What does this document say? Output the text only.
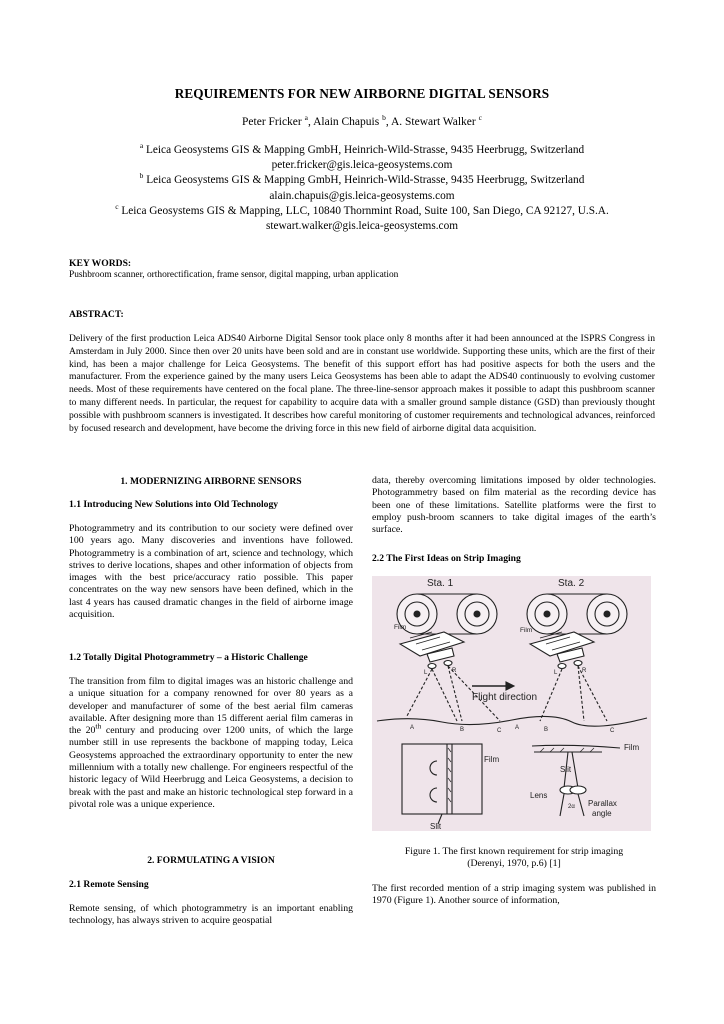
REQUIREMENTS FOR NEW AIRBORNE DIGITAL SENSORS
Peter Fricker $^a$, Alain Chapuis $^b$, A. Stewart Walker $^c$
$^a$ Leica Geosystems GIS & Mapping GmbH, Heinrich-Wild-Strasse, 9435 Heerbrugg, Switzerland
peter.fricker@gis.leica-geosystems.com
$^b$ Leica Geosystems GIS & Mapping GmbH, Heinrich-Wild-Strasse, 9435 Heerbrugg, Switzerland
alain.chapuis@gis.leica-geosystems.com
$^c$ Leica Geosystems GIS & Mapping, LLC, 10840 Thornmint Road, Suite 100, San Diego, CA 92127, U.S.A.
stewart.walker@gis.leica-geosystems.com
KEY WORDS:
Pushbroom scanner, orthorectification, frame sensor, digital mapping, urban application
ABSTRACT:
Delivery of the first production Leica ADS40 Airborne Digital Sensor took place only 8 months after it had been announced at the ISPRS Congress in Amsterdam in July 2000. Since then over 20 units have been sold and are in constant use worldwide. Supporting these units, which are the first of their kind, has been a major challenge for Leica Geosystems. The benefit of this support effort has had positive aspects for both the users and the manufacturer. From the experience gained by the many users Leica Geosystems has been able to adapt the ADS40 continuously to evolving customer needs. Most of these requirements have centered on the focal plane. The three-line-sensor approach makes it possible to adapt this pushbroom scanner to many different needs. In particular, the request for capability to acquire data with a smaller ground sample distance (GSD) than previously thought possible with pushbroom scanners is investigated. It describes how careful monitoring of customer requirements and technological advances, reinforced by focused research and development, have become the driving force in this new field of airborne digital data acquisition.
1. MODERNIZING AIRBORNE SENSORS
1.1 Introducing New Solutions into Old Technology

Photogrammetry and its contribution to our society were defined over 100 years ago. Many discoveries and inventions have followed. Photogrammetry is a combination of art, science and technology, which strives to derive locations, shapes and other information of objects from images with the best price/accuracy ratio possible. This paper concentrates on the way new sensors have been defined, which in the last 4 years has caused dramatic changes in the field of airborne image acquisition.

1.2 Totally Digital Photogrammetry – a Historic Challenge

The transition from film to digital images was an historic challenge and a unique situation for a company renowned for over 80 years as a developer and manufacturer of some of the best aerial film cameras available. After designing more than 15 different aerial film cameras in the 20th century and producing over 1200 units, of which the large number still in use represents the backbone of mapping today, Leica Geosystems approached the extraordinary opportunity to enter the new millennium with a totally new challenge. For engineers respectful of the historic legacy of Wild Heerbrugg and Leica Geosystems, a decision to break with the past and make an historic technological step forward in a pivotal role was a unique experience.

2. FORMULATING A VISION
2.1 Remote Sensing

Remote sensing, of which photogrammetry is an important enabling technology, has always striven to acquire geospatial

data, thereby overcoming limitations imposed by older technologies. Photogrammetry based on film material as the recording device has been one of these limitations. Satellite platforms were the first to employ push-broom scanners to take digital images of the earth’s surface.

2.2 The First Ideas on Strip Imaging
Sta. 1
Film
L	R
Sta. 2
Film
L	R
A	B	C A	B	C
Flight direction
Film
Slit
Film
Slit
Lens
2α Parallax
angle
Figure 1. The first known requirement for strip imaging
(Derenyi, 1970, p.6) [1]

The first recorded mention of a strip imaging system was published in 1970 (Figure 1). Another source of information,
